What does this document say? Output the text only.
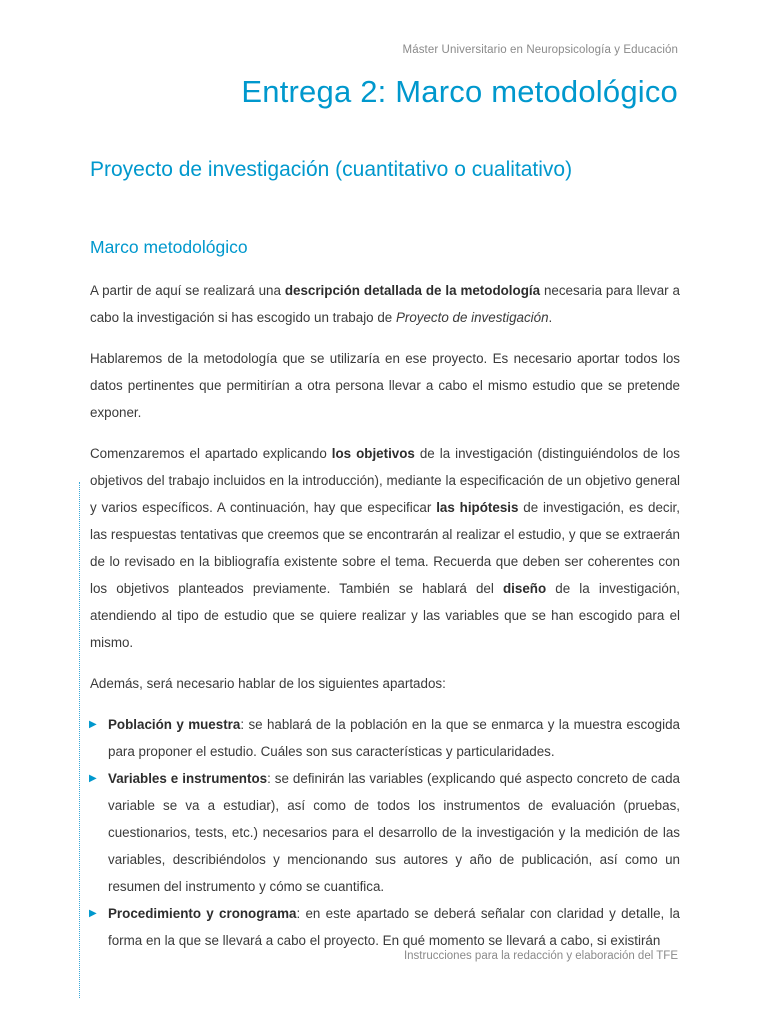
Máster Universitario en Neuropsicología y Educación
Entrega 2: Marco metodológico
Proyecto de investigación (cuantitativo o cualitativo)
Marco metodológico

A partir de aquí se realizará una descripción detallada de la metodología necesaria para llevar a cabo la investigación si has escogido un trabajo de Proyecto de investigación.

Hablaremos de la metodología que se utilizaría en ese proyecto. Es necesario aportar todos los datos pertinentes que permitirían a otra persona llevar a cabo el mismo estudio que se pretende exponer.

Comenzaremos el apartado explicando los objetivos de la investigación (distinguiéndolos de los objetivos del trabajo incluidos en la introducción), mediante la especificación de un objetivo general y varios específicos. A continuación, hay que especificar las hipótesis de investigación, es decir, las respuestas tentativas que creemos que se encontrarán al realizar el estudio, y que se extraerán de lo revisado en la bibliografía existente sobre el tema. Recuerda que deben ser coherentes con los objetivos planteados previamente. También se hablará del diseño de la investigación, atendiendo al tipo de estudio que se quiere realizar y las variables que se han escogido para el mismo.

Además, será necesario hablar de los siguientes apartados:

▶ Población y muestra: se hablará de la población en la que se enmarca y la muestra escogida para proponer el estudio. Cuáles son sus características y particularidades.
▶ Variables e instrumentos: se definirán las variables (explicando qué aspecto concreto de cada variable se va a estudiar), así como de todos los instrumentos de evaluación (pruebas, cuestionarios, tests, etc.) necesarios para el desarrollo de la investigación y la medición de las variables, describiéndolos y mencionando sus autores y año de publicación, así como un resumen del instrumento y cómo se cuantifica.
▶ Procedimiento y cronograma: en este apartado se deberá señalar con claridad y detalle, la forma en la que se llevará a cabo el proyecto. En qué momento se llevará a cabo, si existirán
Instrucciones para la redacción y elaboración del TFE
